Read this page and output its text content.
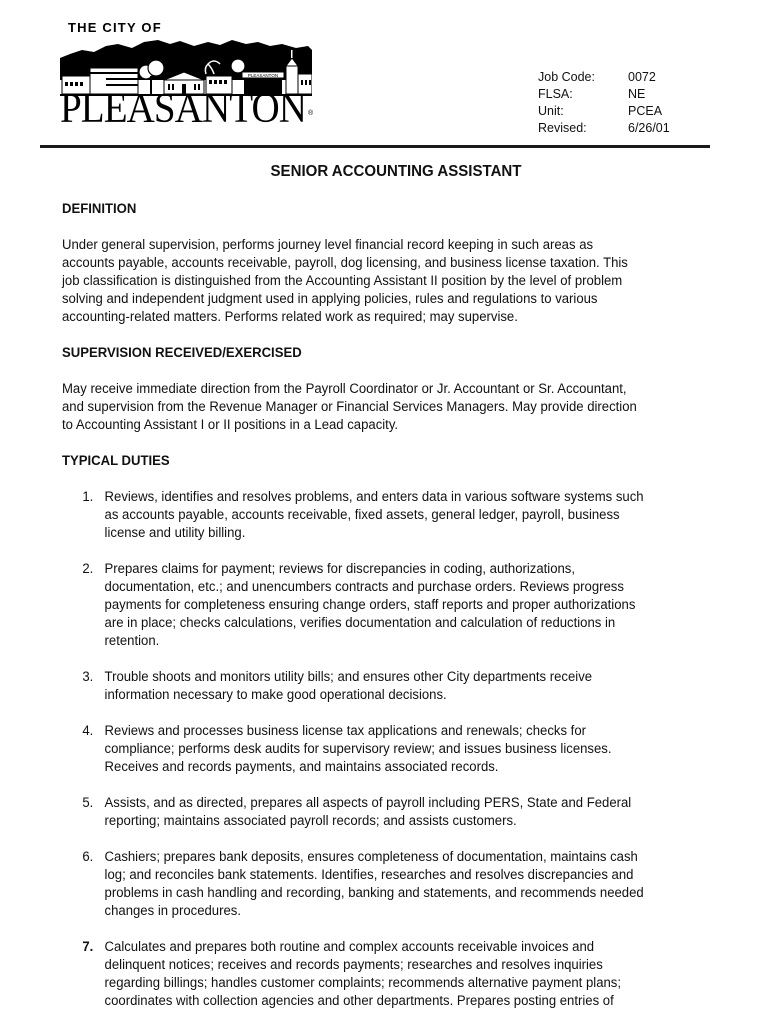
THE CITY OF
PLEASANTON
PLEASANTON ®
Job Code:	0072
FLSA:	NE
Unit:	PCEA
Revised:	6/26/01
SENIOR ACCOUNTING ASSISTANT
DEFINITION

Under general supervision, performs journey level financial record keeping in such areas as
accounts payable, accounts receivable, payroll, dog licensing, and business license taxation. This
job classification is distinguished from the Accounting Assistant II position by the level of problem
solving and independent judgment used in applying policies, rules and regulations to various
accounting-related matters. Performs related work as required; may supervise.

SUPERVISION RECEIVED/EXERCISED

May receive immediate direction from the Payroll Coordinator or Jr. Accountant or Sr. Accountant,
and supervision from the Revenue Manager or Financial Services Managers. May provide direction
to Accounting Assistant I or II positions in a Lead capacity.

TYPICAL DUTIES
1. Reviews, identifies and resolves problems, and enters data in various software systems such
as accounts payable, accounts receivable, fixed assets, general ledger, payroll, business
license and utility billing.
2. Prepares claims for payment; reviews for discrepancies in coding, authorizations,
documentation, etc.; and unencumbers contracts and purchase orders. Reviews progress
payments for completeness ensuring change orders, staff reports and proper authorizations
are in place; checks calculations, verifies documentation and calculation of reductions in
retention.
3. Trouble shoots and monitors utility bills; and ensures other City departments receive
information necessary to make good operational decisions.
4. Reviews and processes business license tax applications and renewals; checks for
compliance; performs desk audits for supervisory review; and issues business licenses.
Receives and records payments, and maintains associated records.
5. Assists, and as directed, prepares all aspects of payroll including PERS, State and Federal
reporting; maintains associated payroll records; and assists customers.
6. Cashiers; prepares bank deposits, ensures completeness of documentation, maintains cash
log; and reconciles bank statements. Identifies, researches and resolves discrepancies and
problems in cash handling and recording, banking and statements, and recommends needed
changes in procedures.
7. Calculates and prepares both routine and complex accounts receivable invoices and
delinquent notices; receives and records payments; researches and resolves inquiries
regarding billings; handles customer complaints; recommends alternative payment plans;
coordinates with collection agencies and other departments. Prepares posting entries of
